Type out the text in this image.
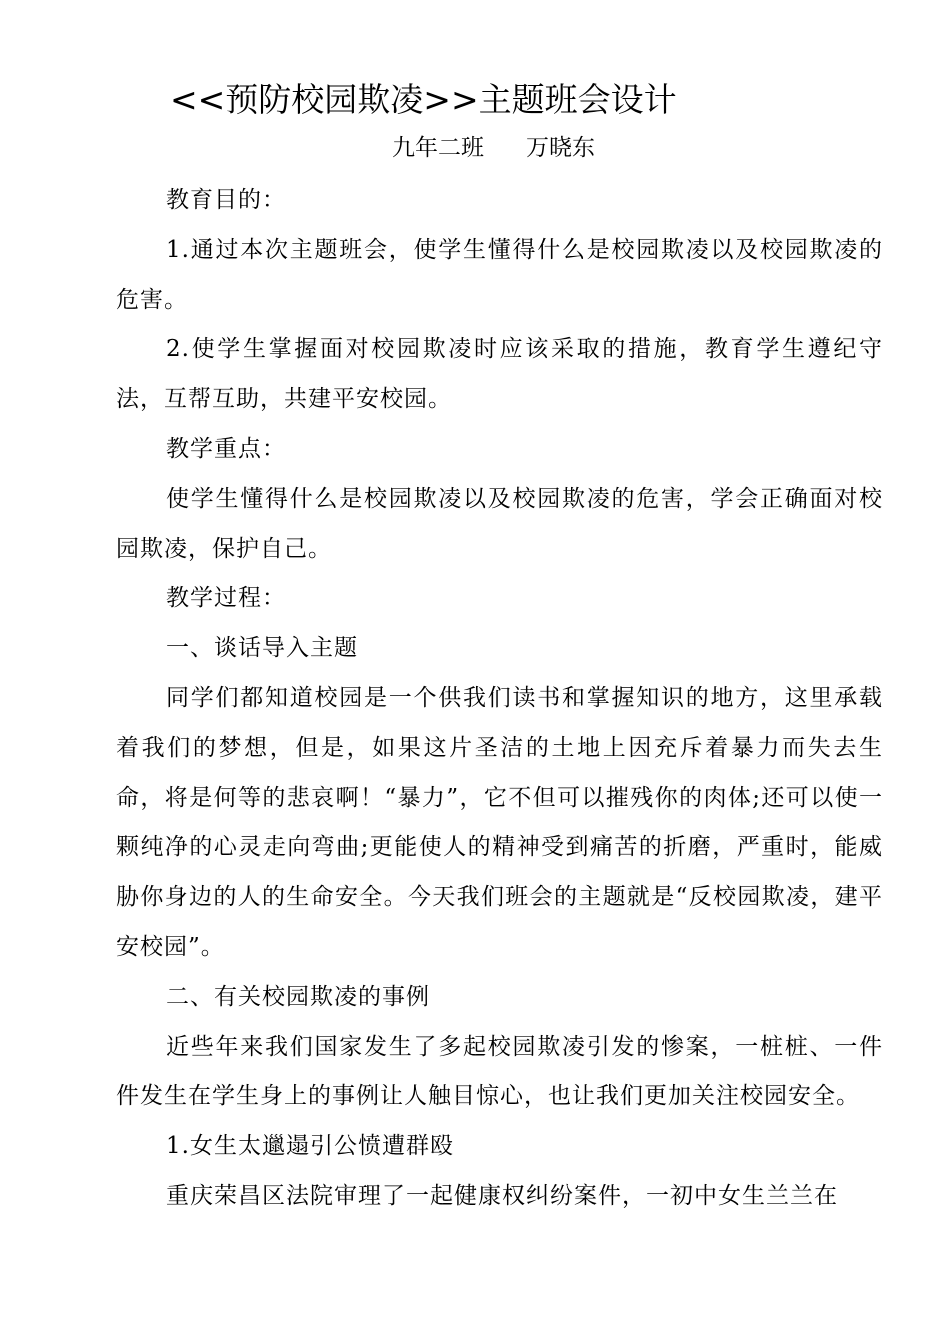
<<预防校园欺凌>>主题班会设计
九年二班 万晓东

教育目的：

1.通过本次主题班会，使学生懂得什么是校园欺凌以及校园欺凌的危害。

2.使学生掌握面对校园欺凌时应该采取的措施，教育学生遵纪守法，互帮互助，共建平安校园。

教学重点：

使学生懂得什么是校园欺凌以及校园欺凌的危害，学会正确面对校园欺凌，保护自己。

教学过程：

一、谈话导入主题

同学们都知道校园是一个供我们读书和掌握知识的地方，这里承载着我们的梦想，但是，如果这片圣洁的土地上因充斥着暴力而失去生命，将是何等的悲哀啊！“暴力”，它不但可以摧残你的肉体;还可以使一颗纯净的心灵走向弯曲;更能使人的精神受到痛苦的折磨，严重时，能威胁你身边的人的生命安全。今天我们班会的主题就是“反校园欺凌，建平安校园”。

二、有关校园欺凌的事例

近些年来我们国家发生了多起校园欺凌引发的惨案，一桩桩、一件件发生在学生身上的事例让人触目惊心，也让我们更加关注校园安全。

1.女生太邋遢引公愤遭群殴

重庆荣昌区法院审理了一起健康权纠纷案件，一初中女生兰兰在
